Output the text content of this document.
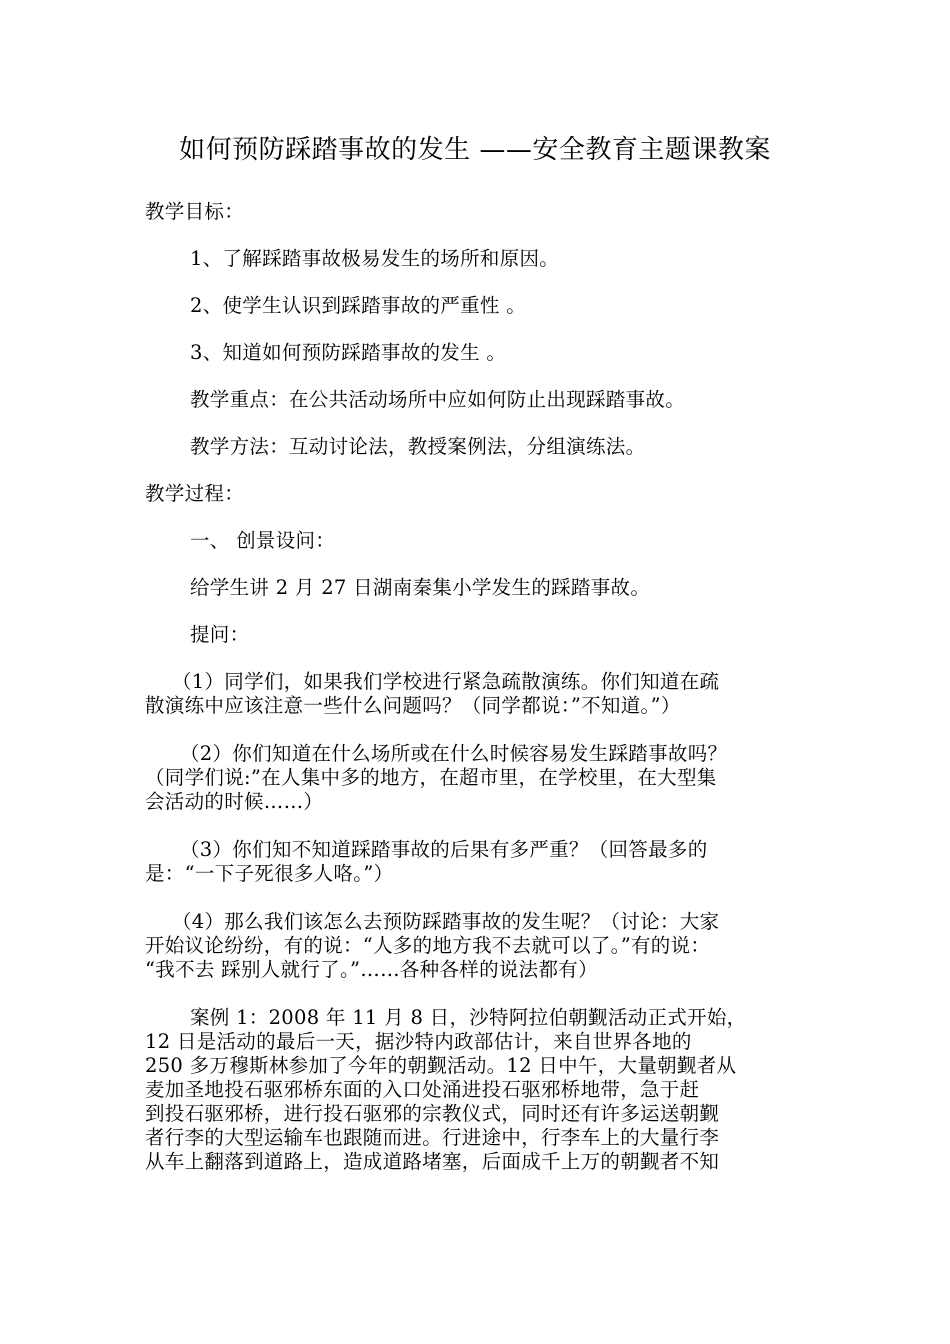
如何预防踩踏事故的发生 ——安全教育主题课教案
教学目标：
1、了解踩踏事故极易发生的场所和原因。
2、使学生认识到踩踏事故的严重性 。
3、知道如何预防踩踏事故的发生 。
教学重点：在公共活动场所中应如何防止出现踩踏事故。
教学方法：互动讨论法，教授案例法，分组演练法。
教学过程：
一、 创景设问：
给学生讲 2 月 27 日湖南秦集小学发生的踩踏事故。
提问：
（1）同学们，如果我们学校进行紧急疏散演练。你们知道在疏
散演练中应该注意一些什么问题吗？（同学都说：”不知道。”）
（2）你们知道在什么场所或在什么时候容易发生踩踏事故吗？
（同学们说:”在人集中多的地方，在超市里，在学校里，在大型集
会活动的时候……）
（3）你们知不知道踩踏事故的后果有多严重？（回答最多的
是：“一下子死很多人咯。”）
（4）那么我们该怎么去预防踩踏事故的发生呢？（讨论：大家
开始议论纷纷，有的说：“人多的地方我不去就可以了。”有的说：
“我不去 踩别人就行了。”……各种各样的说法都有）
案例 1：2008 年 11 月 8 日，沙特阿拉伯朝觐活动正式开始，
12 日是活动的最后一天，据沙特内政部估计，来自世界各地的
250 多万穆斯林参加了今年的朝觐活动。12 日中午，大量朝觐者从
麦加圣地投石驱邪桥东面的入口处涌进投石驱邪桥地带，急于赶
到投石驱邪桥，进行投石驱邪的宗教仪式，同时还有许多运送朝觐
者行李的大型运输车也跟随而进。行进途中，行李车上的大量行李
从车上翻落到道路上，造成道路堵塞，后面成千上万的朝觐者不知
